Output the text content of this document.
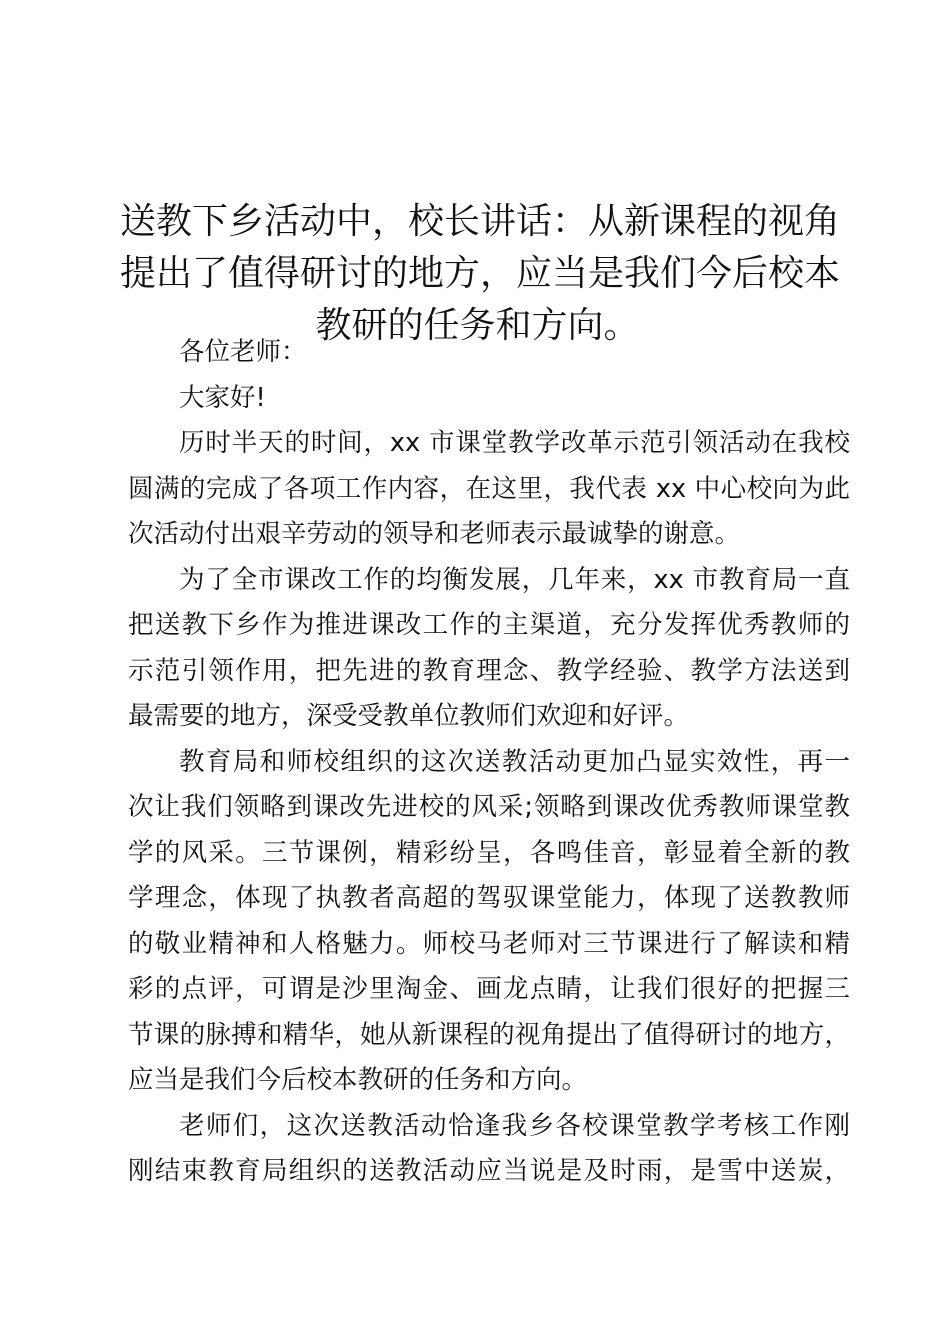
送教下乡活动中，校长讲话：从新课程的视角
提出了值得研讨的地方，应当是我们今后校本
教研的任务和方向。

各位老师：

大家好!

历时半天的时间，xx 市课堂教学改革示范引领活动在我校
圆满的完成了各项工作内容，在这里，我代表 xx 中心校向为此
次活动付出艰辛劳动的领导和老师表示最诚挚的谢意。

为了全市课改工作的均衡发展，几年来，xx 市教育局一直
把送教下乡作为推进课改工作的主渠道，充分发挥优秀教师的
示范引领作用，把先进的教育理念、教学经验、教学方法送到
最需要的地方，深受受教单位教师们欢迎和好评。

教育局和师校组织的这次送教活动更加凸显实效性，再一
次让我们领略到课改先进校的风采;领略到课改优秀教师课堂教
学的风采。三节课例，精彩纷呈，各鸣佳音，彰显着全新的教
学理念，体现了执教者高超的驾驭课堂能力，体现了送教教师
的敬业精神和人格魅力。师校马老师对三节课进行了解读和精
彩的点评，可谓是沙里淘金、画龙点睛，让我们很好的把握三
节课的脉搏和精华，她从新课程的视角提出了值得研讨的地方，
应当是我们今后校本教研的任务和方向。

老师们，这次送教活动恰逢我乡各校课堂教学考核工作刚
刚结束教育局组织的送教活动应当说是及时雨，是雪中送炭，
